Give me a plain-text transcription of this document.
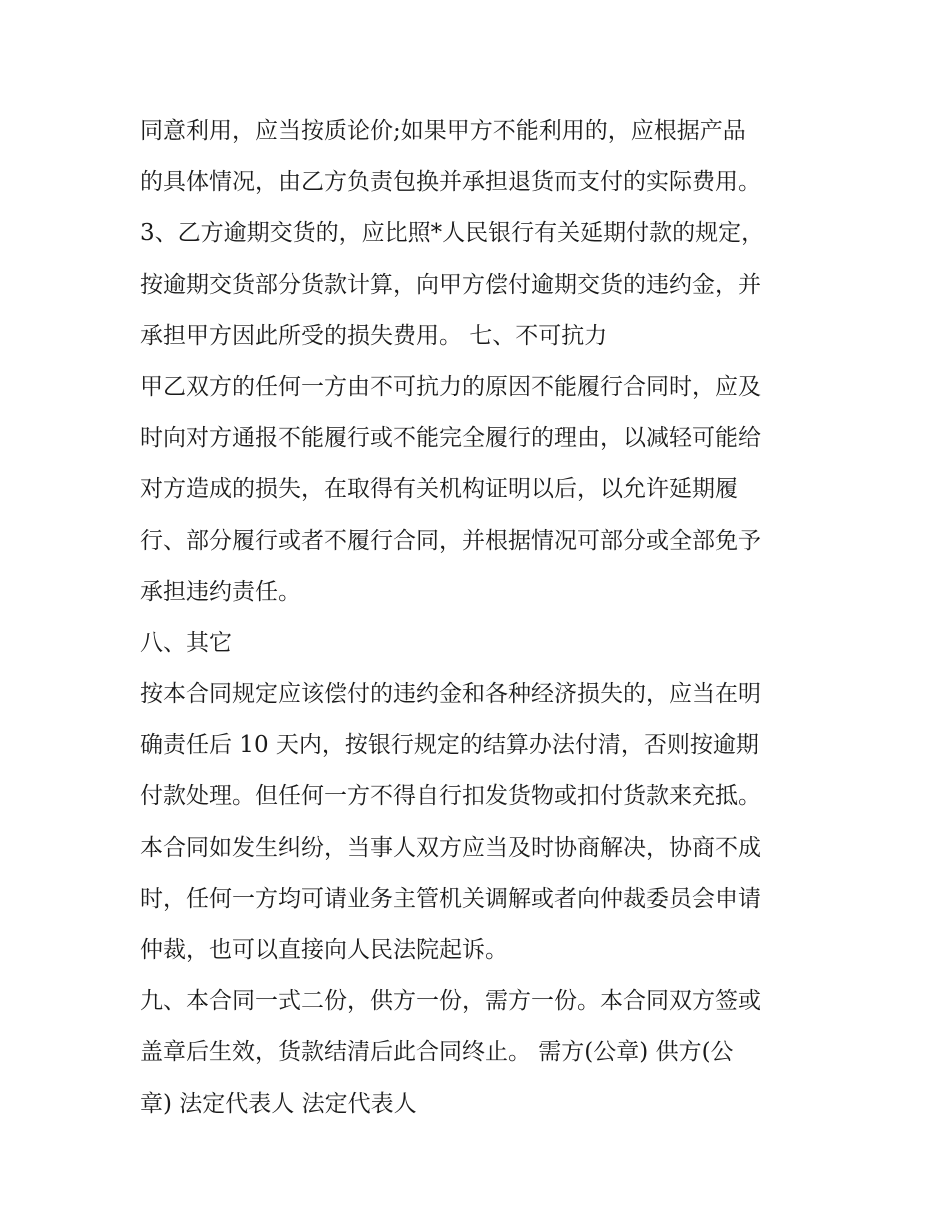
同意利用，应当按质论价;如果甲方不能利用的，应根据产品
的具体情况，由乙方负责包换并承担退货而支付的实际费用。
3、乙方逾期交货的，应比照*人民银行有关延期付款的规定，
按逾期交货部分货款计算，向甲方偿付逾期交货的违约金，并
承担甲方因此所受的损失费用。 七、不可抗力
甲乙双方的任何一方由不可抗力的原因不能履行合同时，应及
时向对方通报不能履行或不能完全履行的理由，以减轻可能给
对方造成的损失，在取得有关机构证明以后，以允许延期履
行、部分履行或者不履行合同，并根据情况可部分或全部免予
承担违约责任。
八、其它
按本合同规定应该偿付的违约金和各种经济损失的，应当在明
确责任后 10 天内，按银行规定的结算办法付清，否则按逾期
付款处理。但任何一方不得自行扣发货物或扣付货款来充抵。
本合同如发生纠纷，当事人双方应当及时协商解决，协商不成
时，任何一方均可请业务主管机关调解或者向仲裁委员会申请
仲裁，也可以直接向人民法院起诉。
九、本合同一式二份，供方一份，需方一份。本合同双方签或
盖章后生效，货款结清后此合同终止。 需方(公章) 供方(公
章) 法定代表人 法定代表人
